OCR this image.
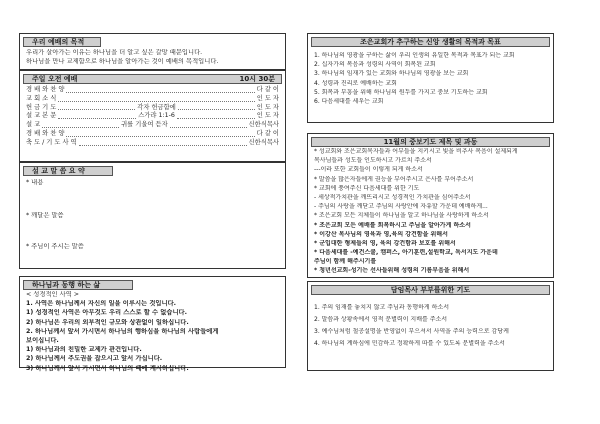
우리 예배의 목적
우리가 살아가는 이유는 하나님을 더 알고 싶은 갈망 때문입니다.
하나님을 만나 교제함으로 하나님을 알아가는 것이 예배의 목적입니다.
주일 오전 예배	10시 30분
경 배 와 찬 양	다 같 이
교 회 소 식	인 도 자
헌 금 기 도	각자 헌금함에	인 도 자
설 교 본 문	스가랴 1:1-6	인 도 자
설 교	귀를 기울여 듣자	신한식목사
경 배 와 찬 양	다 같 이
축 도 / 기 도 사 역	신한식목사
설 교 말 씀 요 약
* 내용
* 깨달은 말씀
* 주님이 주시는 말씀
하나님과 동행 하는 삶
< 성경적인 사역 >
1. 사역은 하나님께서 자신의 일을 이루시는 것입니다.
1) 성경적인 사역은 아무것도 우리 스스로 할 수 없습니다.
2) 하나님은 우리의 외부적인 규모와 상관없이 일하십니다.
2. 하나님께서 앞서 가시면서 하나님의 행하심을 하나님의 사람들에게
보이십니다.
1) 하나님과의 친밀한 교제가 관건입니다.
2) 하나님께서 주도권을 잡으시고 앞서 가십니다.
3) 하나님께서 앞서 가시면서 하나님의 때에 계시하십니다.
조은교회가 추구하는 신앙 생활의 목적과 목표
1. 하나님의 영광을 구하는 삶이 우리 인생의 유일한 목적과 목표가 되는 교회
2. 십자가의 복음과 성령의 사역이 회복된 교회
3. 하나님의 임재가 있는 교회와 하나님의 영광을 보는 교회
4. 성령과 진리로 예배하는 교회
5. 회복과 부흥을 위해 하나님의 원두를 가지고 중보 기도하는 교회
6. 다음세대를 세우는 교회
11월의 중보기도 제목 및 과동
* 성교회와 조은교회목자들과 어부들을 지키시고 빛을 비추사 복음이 설제되게
목사님들과 성도들 인도하시고 가르치 주소서
---이라 또한 교회들이 이렇게 되게 하소서
* 말씀을 많은자들에게 권능을 부어주시고 은사를 부어주소서
* 교회에 풍여주신 다음세대를 위한 기도
- 세상적가치관을 깨뜨리시고 성경적인 가치관을 심어주소서
- 주님의 사랑을 깨닫고 주님의 사랑안에 자유할 가운데 예배하게...
* 조은교회 모든 지체들이 하나님을 알고 하나님을 사랑하게 하소서
* 조은교회 모든 예배를 회복하시고 주님을 알아가게 하소서
* 이강산 목사님의 영육과 영,육의 강건함을 위해서
* 군입대한 형제들의 영, 육의 강건함과 보호를 위해서
* 다음세대를 -예건스쿨, 캠퍼스, 아기훈련,설원학교, 독서지도 가운데
주님이 함께 해주시기를
* 청년선교회-성기는 선사들위해 성령의 기름부음을 위해서
담임목사 부부를위한 기도
1. 주의 임재를 놓치지 않고 주님과 동행하게 하소서
2. 말씀과 상황속에서 영적 분별력이 지배를 주소서
3. 예수님처럼 철공설명을 반영없이 부으셔서 사역을 주의 능력으로 감당케
4. 하나님의 계하심에 민감하고 정확하게 따를 수 있도록 분별력을 주소서
